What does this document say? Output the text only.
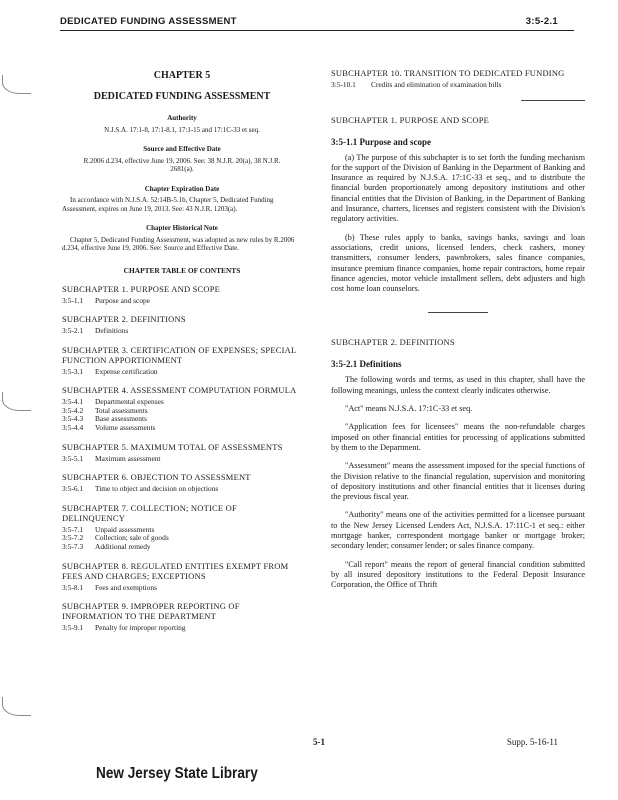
DEDICATED FUNDING ASSESSMENT	3:5-2.1
CHAPTER 5
DEDICATED FUNDING ASSESSMENT
Authority
N.J.S.A. 17:1-8, 17:1-8.1, 17:1-15 and 17:1C-33 et seq.
Source and Effective Date
R.2006 d.234, effective June 19, 2006. See: 38 N.J.R. 20(a), 38 N.J.R. 2681(a).
Chapter Expiration Date
In accordance with N.J.S.A. 52:14B-5.1b, Chapter 5, Dedicated Funding Assessment, expires on June 19, 2013. See: 43 N.J.R. 1203(a).
Chapter Historical Note
Chapter 5, Dedicated Funding Assessment, was adopted as new rules by R.2006 d.234, effective June 19, 2006. See: Source and Effective Date.
CHAPTER TABLE OF CONTENTS
SUBCHAPTER 1. PURPOSE AND SCOPE
3:5-1.1	Purpose and scope
SUBCHAPTER 2. DEFINITIONS
3:5-2.1	Definitions
SUBCHAPTER 3. CERTIFICATION OF EXPENSES; SPECIAL FUNCTION APPORTIONMENT
3:5-3.1	Expense certification
SUBCHAPTER 4. ASSESSMENT COMPUTATION FORMULA
3:5-4.1	Departmental expenses
3:5-4.2	Total assessments
3:5-4.3	Base assessments
3:5-4.4	Volume assessments
SUBCHAPTER 5. MAXIMUM TOTAL OF ASSESSMENTS
3:5-5.1	Maximum assessment
SUBCHAPTER 6. OBJECTION TO ASSESSMENT
3:5-6.1	Time to object and decision on objections
SUBCHAPTER 7. COLLECTION; NOTICE OF DELINQUENCY
3:5-7.1	Unpaid assessments
3:5-7.2	Collection; sale of goods
3:5-7.3	Additional remedy
SUBCHAPTER 8. REGULATED ENTITIES EXEMPT FROM FEES AND CHARGES; EXCEPTIONS
3:5-8.1	Fees and exemptions
SUBCHAPTER 9. IMPROPER REPORTING OF INFORMATION TO THE DEPARTMENT
3:5-9.1	Penalty for improper reporting
SUBCHAPTER 10. TRANSITION TO DEDICATED FUNDING
3:5-10.1	Credits and elimination of examination bills
SUBCHAPTER 1. PURPOSE AND SCOPE
3:5-1.1 Purpose and scope
(a) The purpose of this subchapter is to set forth the funding mechanism for the support of the Division of Banking in the Department of Banking and Insurance as required by N.J.S.A. 17:1C-33 et seq., and to distribute the financial burden proportionately among depository institutions and other financial entities that the Division of Banking, in the Department of Banking and Insurance, charters, licenses and registers consistent with the Division's regulatory activities.
(b) These rules apply to banks, savings banks, savings and loan associations, credit unions, licensed lenders, check cashers, money transmitters, consumer lenders, pawnbrokers, sales finance companies, insurance premium finance companies, home repair contractors, home repair finance agencies, motor vehicle installment sellers, debt adjusters and high cost home loan counselors.
SUBCHAPTER 2. DEFINITIONS
3:5-2.1 Definitions
The following words and terms, as used in this chapter, shall have the following meanings, unless the context clearly indicates otherwise.
"Act" means N.J.S.A. 17:1C-33 et seq.
"Application fees for licensees" means the non-refundable charges imposed on other financial entities for processing of applications submitted by them to the Department.
"Assessment" means the assessment imposed for the special functions of the Division relative to the financial regulation, supervision and monitoring of depository institutions and other financial entities that it licenses during the previous fiscal year.
"Authority" means one of the activities permitted for a licensee pursuant to the New Jersey Licensed Lenders Act, N.J.S.A. 17:11C-1 et seq.: either mortgage banker, correspondent mortgage banker or mortgage broker; secondary lender; consumer lender; or sales finance company.
"Call report" means the report of general financial condition submitted by all insured depository institutions to the Federal Deposit Insurance Corporation, the Office of Thrift
5-1	Supp. 5-16-11
New Jersey State Library
